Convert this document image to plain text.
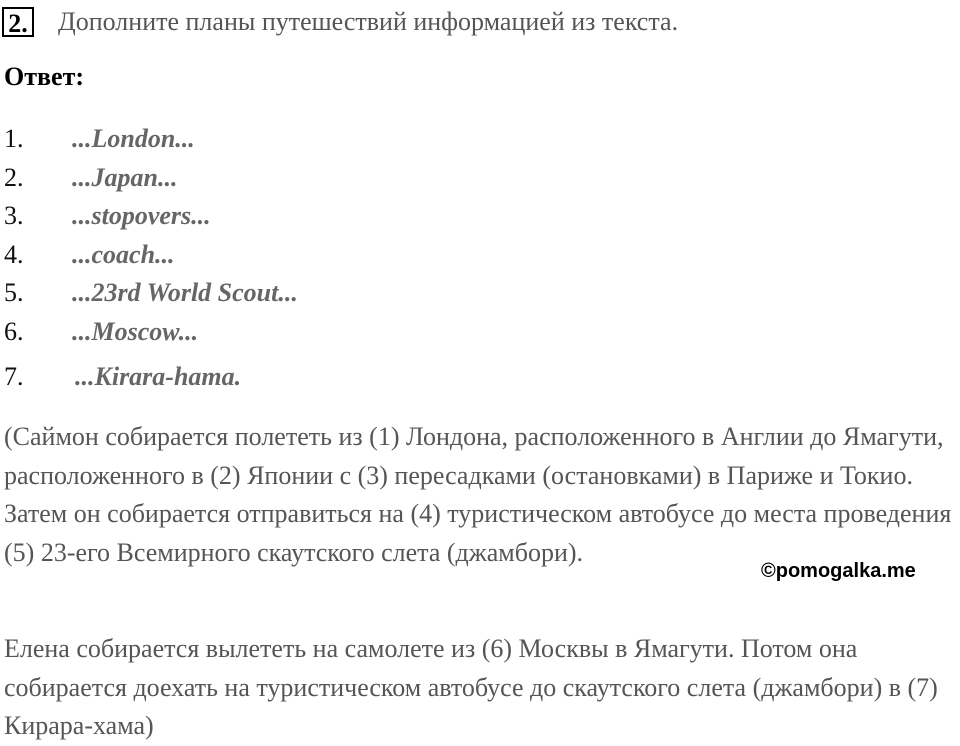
2. Дополните планы путешествий информацией из текста.
Ответ:
1.	...London...
2.	...Japan...
3.	...stopovers...
4.	...coach...
5.	...23rd World Scout...
6.	...Moscow...
7.	...Kirara-hama.

(Саймон собирается полететь из (1) Лондона, расположенного в Англии до Ямагути, расположенного в (2) Японии с (3) пересадками (остановками) в Париже и Токио. Затем он собирается отправиться на (4) туристическом автобусе до места проведения (5) 23-его Всемирного скаутского слета (джамбори).

©pomogalka.me

Елена собирается вылететь на самолете из (6) Москвы в Ямагути. Потом она собирается доехать на туристическом автобусе до скаутского слета (джамбори) в (7) Кирара-хама)
